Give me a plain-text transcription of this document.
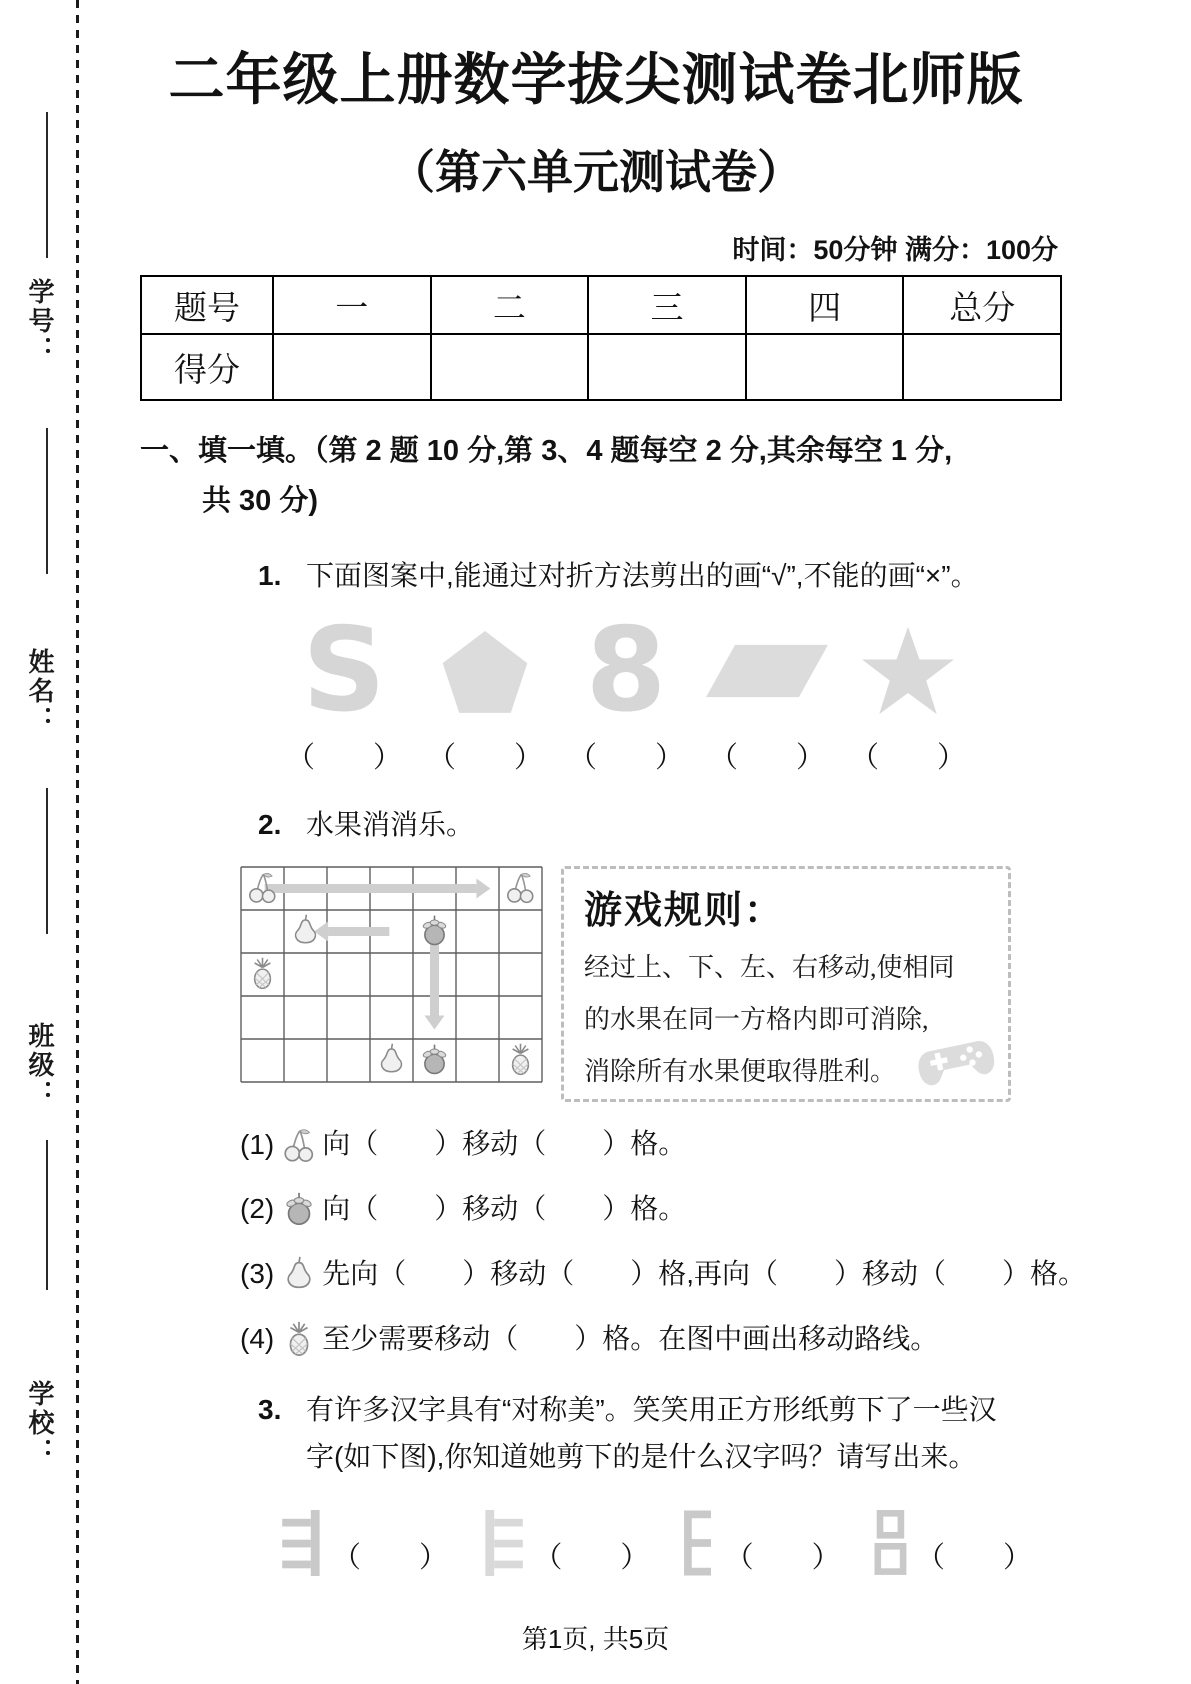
学号：
姓名：
班级：
学校：
二年级上册数学拔尖测试卷北师版
（第六单元测试卷）
时间：50分钟 满分：100分
题号	一	二	三	四	总分
得分					
一、填一填。（第 2 题 10 分,第 3、4 题每空 2 分,其余每空 1 分,
共 30 分)
1. 下面图案中,能通过对折方法剪出的画“√”,不能的画“×”。
S
（　　） （　　）
8
（　　） （　　） （　　）
2. 水果消消乐。
游戏规则：
经过上、下、左、右移动,使相同
的水果在同一方格内即可消除,
消除所有水果便取得胜利。
(1) 向（　　）移动（　　）格。
(2) 向（　　）移动（　　）格。
(3) 先向（　　）移动（　　）格,再向（　　）移动（　　）格。
(4) 至少需要移动（　　）格。在图中画出移动路线。
3. 有许多汉字具有“对称美”。笑笑用正方形纸剪下了一些汉
字(如下图),你知道她剪下的是什么汉字吗？请写出来。
（　　）	（　　）	（　　）	（　　）
第1页, 共5页
